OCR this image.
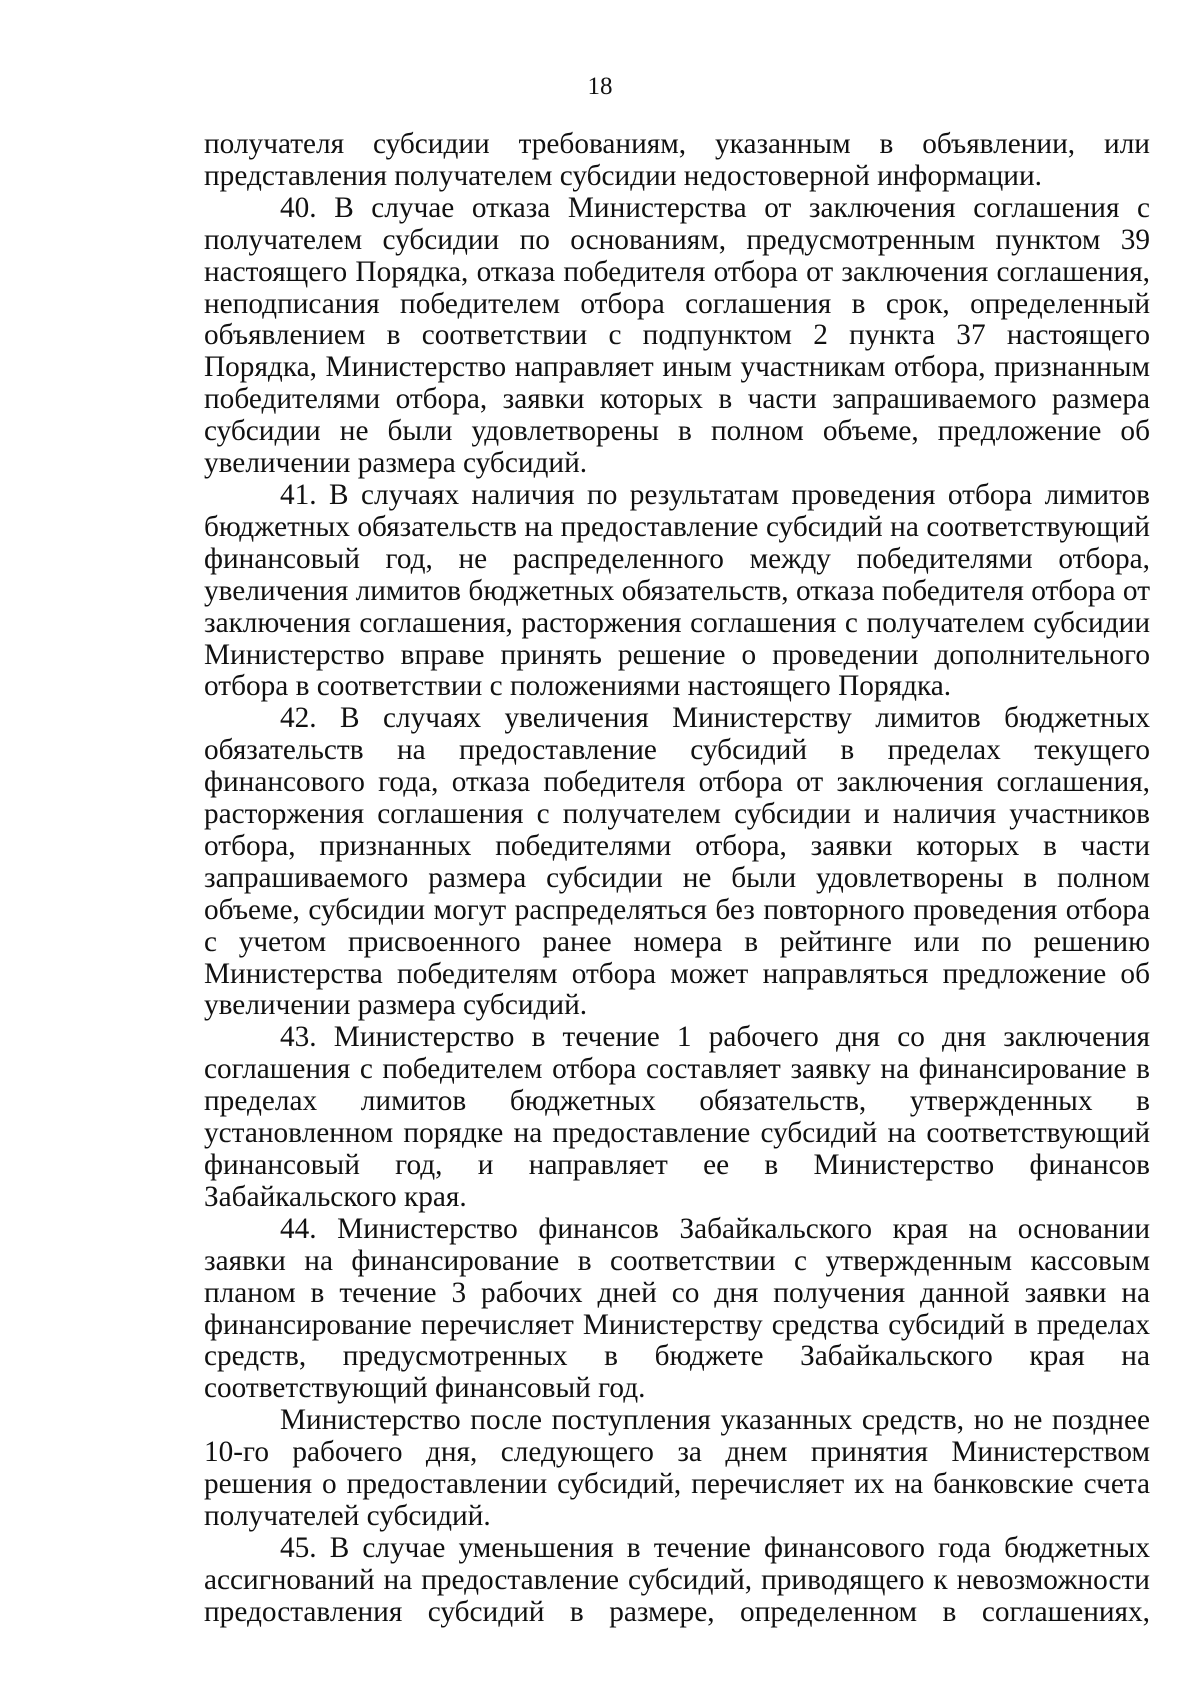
18

получателя субсидии требованиям, указанным в объявлении, или представления получателем субсидии недостоверной информации.

40. В случае отказа Министерства от заключения соглашения с получателем субсидии по основаниям, предусмотренным пунктом 39 настоящего Порядка, отказа победителя отбора от заключения соглашения, неподписания победителем отбора соглашения в срок, определенный объявлением в соответствии с подпунктом 2 пункта 37 настоящего Порядка, Министерство направляет иным участникам отбора, признанным победителями отбора, заявки которых в части запрашиваемого размера субсидии не были удовлетворены в полном объеме, предложение об увеличении размера субсидий.

41. В случаях наличия по результатам проведения отбора лимитов бюджетных обязательств на предоставление субсидий на соответствующий финансовый год, не распределенного между победителями отбора, увеличения лимитов бюджетных обязательств, отказа победителя отбора от заключения соглашения, расторжения соглашения с получателем субсидии Министерство вправе принять решение о проведении дополнительного отбора в соответствии с положениями настоящего Порядка.

42. В случаях увеличения Министерству лимитов бюджетных обязательств на предоставление субсидий в пределах текущего финансового года, отказа победителя отбора от заключения соглашения, расторжения соглашения с получателем субсидии и наличия участников отбора, признанных победителями отбора, заявки которых в части запрашиваемого размера субсидии не были удовлетворены в полном объеме, субсидии могут распределяться без повторного проведения отбора с учетом присвоенного ранее номера в рейтинге или по решению Министерства победителям отбора может направляться предложение об увеличении размера субсидий.

43. Министерство в течение 1 рабочего дня со дня заключения соглашения с победителем отбора составляет заявку на финансирование в пределах лимитов бюджетных обязательств, утвержденных в установленном порядке на предоставление субсидий на соответствующий финансовый год, и направляет ее в Министерство финансов Забайкальского края.

44. Министерство финансов Забайкальского края на основании заявки на финансирование в соответствии с утвержденным кассовым планом в течение 3 рабочих дней со дня получения данной заявки на финансирование перечисляет Министерству средства субсидий в пределах средств, предусмотренных в бюджете Забайкальского края на соответствующий финансовый год.

Министерство после поступления указанных средств, но не позднее 10-го рабочего дня, следующего за днем принятия Министерством решения о предоставлении субсидий, перечисляет их на банковские счета получателей субсидий.

45. В случае уменьшения в течение финансового года бюджетных ассигнований на предоставление субсидий, приводящего к невозможности предоставления субсидий в размере, определенном в соглашениях,
